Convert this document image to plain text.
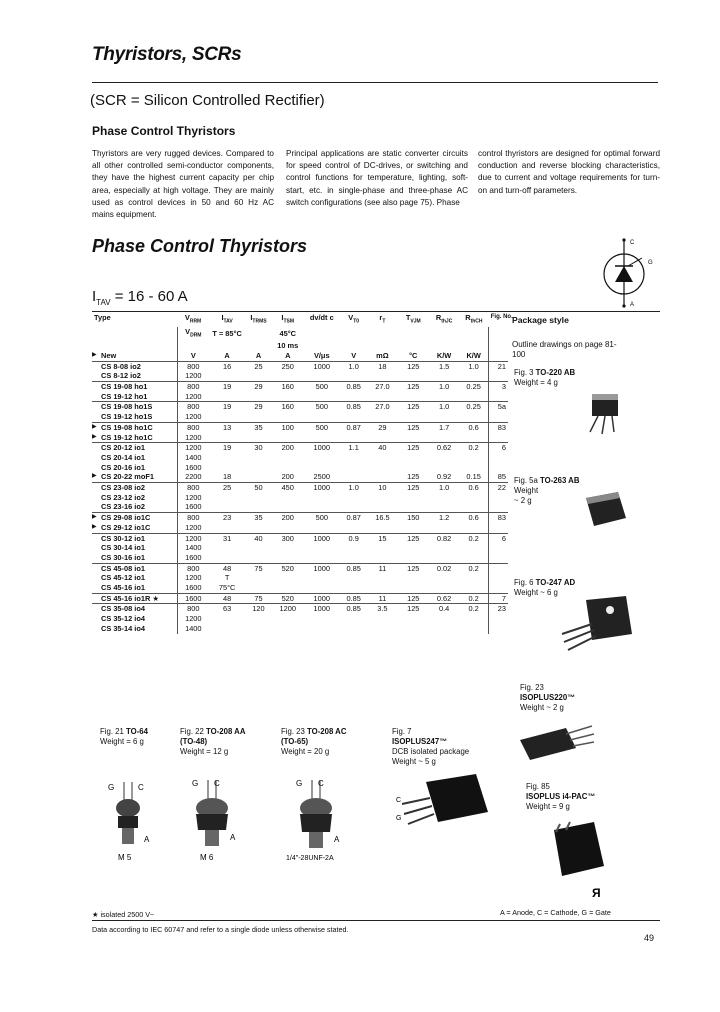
Thyristors, SCRs
(SCR = Silicon Controlled Rectifier)
Phase Control Thyristors
Thyristors are very rugged devices. Compared to all other controlled semi-conductor components, they have the highest current capacity per chip area, especially at high voltage. They are mainly used as control devices in 50 and 60 Hz AC mains equipment.
Principal applications are static converter circuits for speed control of DC-drives, or switching and control functions for temperature, lighting, soft-start, etc. in single-phase and three-phase AC switch configurations (see also page 75). Phase
control thyristors are designed for optimal forward conduction and reverse blocking characteristics, due to current and voltage requirements for turn-on and turn-off parameters.
Phase Control Thyristors	C
G
A
$I_{TAV} = 16 - 60$ A
Type	$V_{RRM}$	$I_{TAV}$	$I_{TRMS}$	$I_{TSM}$	dv/dt c	$V_{T0}$	$r_T$	$T_{VJM}$	$R_{thJC}$	$R_{thCH}$	Fig. No.
	$V_{DRM}$	T = 85°C		45°C							
				10 ms							
▶ New	V	A	A	A	V/μs	V	mΩ	°C	K/W	K/W	
CS 8-08 io2	800	16	25	250	1000	1.0	18	125	1.5	1.0	21
CS 8-12 io2	1200										
CS 19-08 ho1	800	19	29	160	500	0.85	27.0	125	1.0	0.25	3
CS 19-12 ho1	1200										
CS 19-08 ho1S	800	19	29	160	500	0.85	27.0	125	1.0	0.25	5a
CS 19-12 ho1S	1200										
▶ CS 19-08 ho1C	800	13	35	100	500	0.87	29	125	1.7	0.6	83
▶ CS 19-12 ho1C	1200										
CS 20-12 io1	1200	19	30	200	1000	1.1	40	125	0.62	0.2	6
CS 20-14 io1	1400										
CS 20-16 io1	1600										
▶ CS 20-22 moF1	2200	18		200	2500			125	0.92	0.15	85
CS 23-08 io2	800	25	50	450	1000	1.0	10	125	1.0	0.6	22
CS 23-12 io2	1200										
CS 23-16 io2	1600										
▶ CS 29-08 io1C	800	23	35	200	500	0.87	16.5	150	1.2	0.6	83
▶ CS 29-12 io1C	1200										
CS 30-12 io1	1200	31	40	300	1000	0.9	15	125	0.82	0.2	6
CS 30-14 io1	1400										
CS 30-16 io1	1600										
CS 45-08 io1	800	48	75	520	1000	0.85	11	125	0.02	0.2	
CS 45-12 io1	1200	T									
CS 45-16 io1	1600	75°C									
CS 45-16 io1R ★	1600	48	75	520	1000	0.85	11	125	0.62	0.2	7
CS 35-08 io4	800	63	120	1200	1000	0.85	3.5	125	0.4	0.2	23
CS 35-12 io4	1200										
CS 35-14 io4	1400										
Package style
Outline drawings on page 81-100
Fig. 3 TO-220 AB
Weight = 4 g
Fig. 5a TO-263 AB
Weight
~ 2 g
Fig. 6 TO-247 AD
Weight ~ 6 g
Fig. 23
ISOPLUS220™
Weight ~ 2 g
Fig. 85
ISOPLUS i4-PAC™
Weight = 9 g
Я
Fig. 21 TO-64
Weight = 6 g
Fig. 22 TO-208 AA
(TO-48)
Weight = 12 g
Fig. 23 TO-208 AC
(TO-65)
Weight = 20 g
Fig. 7
ISOPLUS247™
DCB isolated package
Weight ~ 5 g
G	C
A
M 5
G C
A
M 6
G C
A
1/4"-28UNF-2A
C
G
★ isolated 2500 V~	A = Anode, C = Cathode, G = Gate
Data according to IEC 60747 and refer to a single diode unless otherwise stated.
49
